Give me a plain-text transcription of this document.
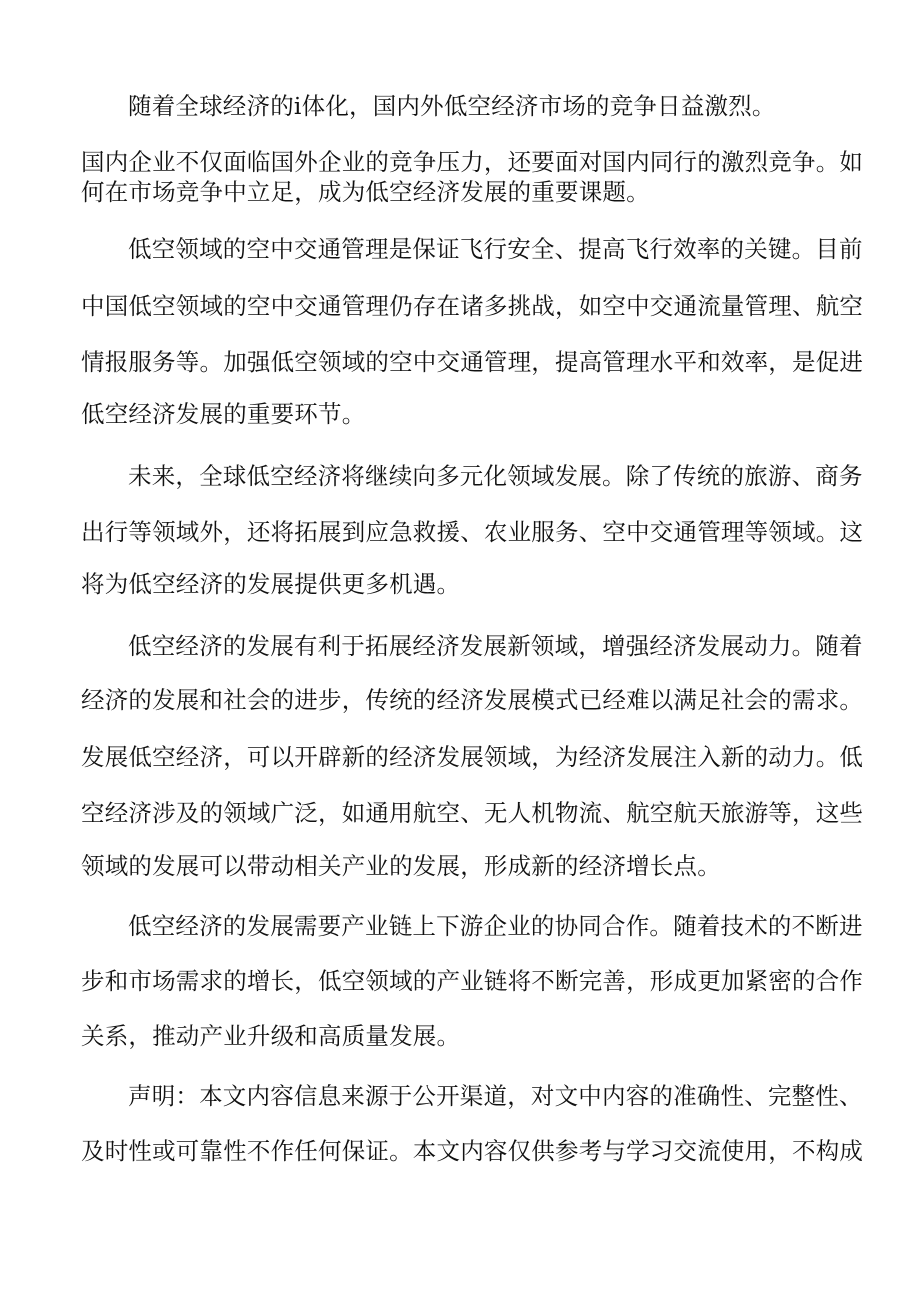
随着全球经济的i体化，国内外低空经济市场的竞争日益激烈。
国内企业不仅面临国外企业的竞争压力，还要面对国内同行的激烈竞争。如
何在市场竞争中立足，成为低空经济发展的重要课题。
低空领域的空中交通管理是保证飞行安全、提高飞行效率的关键。目前
中国低空领域的空中交通管理仍存在诸多挑战，如空中交通流量管理、航空
情报服务等。加强低空领域的空中交通管理，提高管理水平和效率，是促进
低空经济发展的重要环节。
未来，全球低空经济将继续向多元化领域发展。除了传统的旅游、商务
出行等领域外，还将拓展到应急救援、农业服务、空中交通管理等领域。这
将为低空经济的发展提供更多机遇。
低空经济的发展有利于拓展经济发展新领域，增强经济发展动力。随着
经济的发展和社会的进步，传统的经济发展模式已经难以满足社会的需求。
发展低空经济，可以开辟新的经济发展领域，为经济发展注入新的动力。低
空经济涉及的领域广泛，如通用航空、无人机物流、航空航天旅游等，这些
领域的发展可以带动相关产业的发展，形成新的经济增长点。
低空经济的发展需要产业链上下游企业的协同合作。随着技术的不断进
步和市场需求的增长，低空领域的产业链将不断完善，形成更加紧密的合作
关系，推动产业升级和高质量发展。
声明：本文内容信息来源于公开渠道，对文中内容的准确性、完整性、
及时性或可靠性不作任何保证。本文内容仅供参考与学习交流使用，不构成
